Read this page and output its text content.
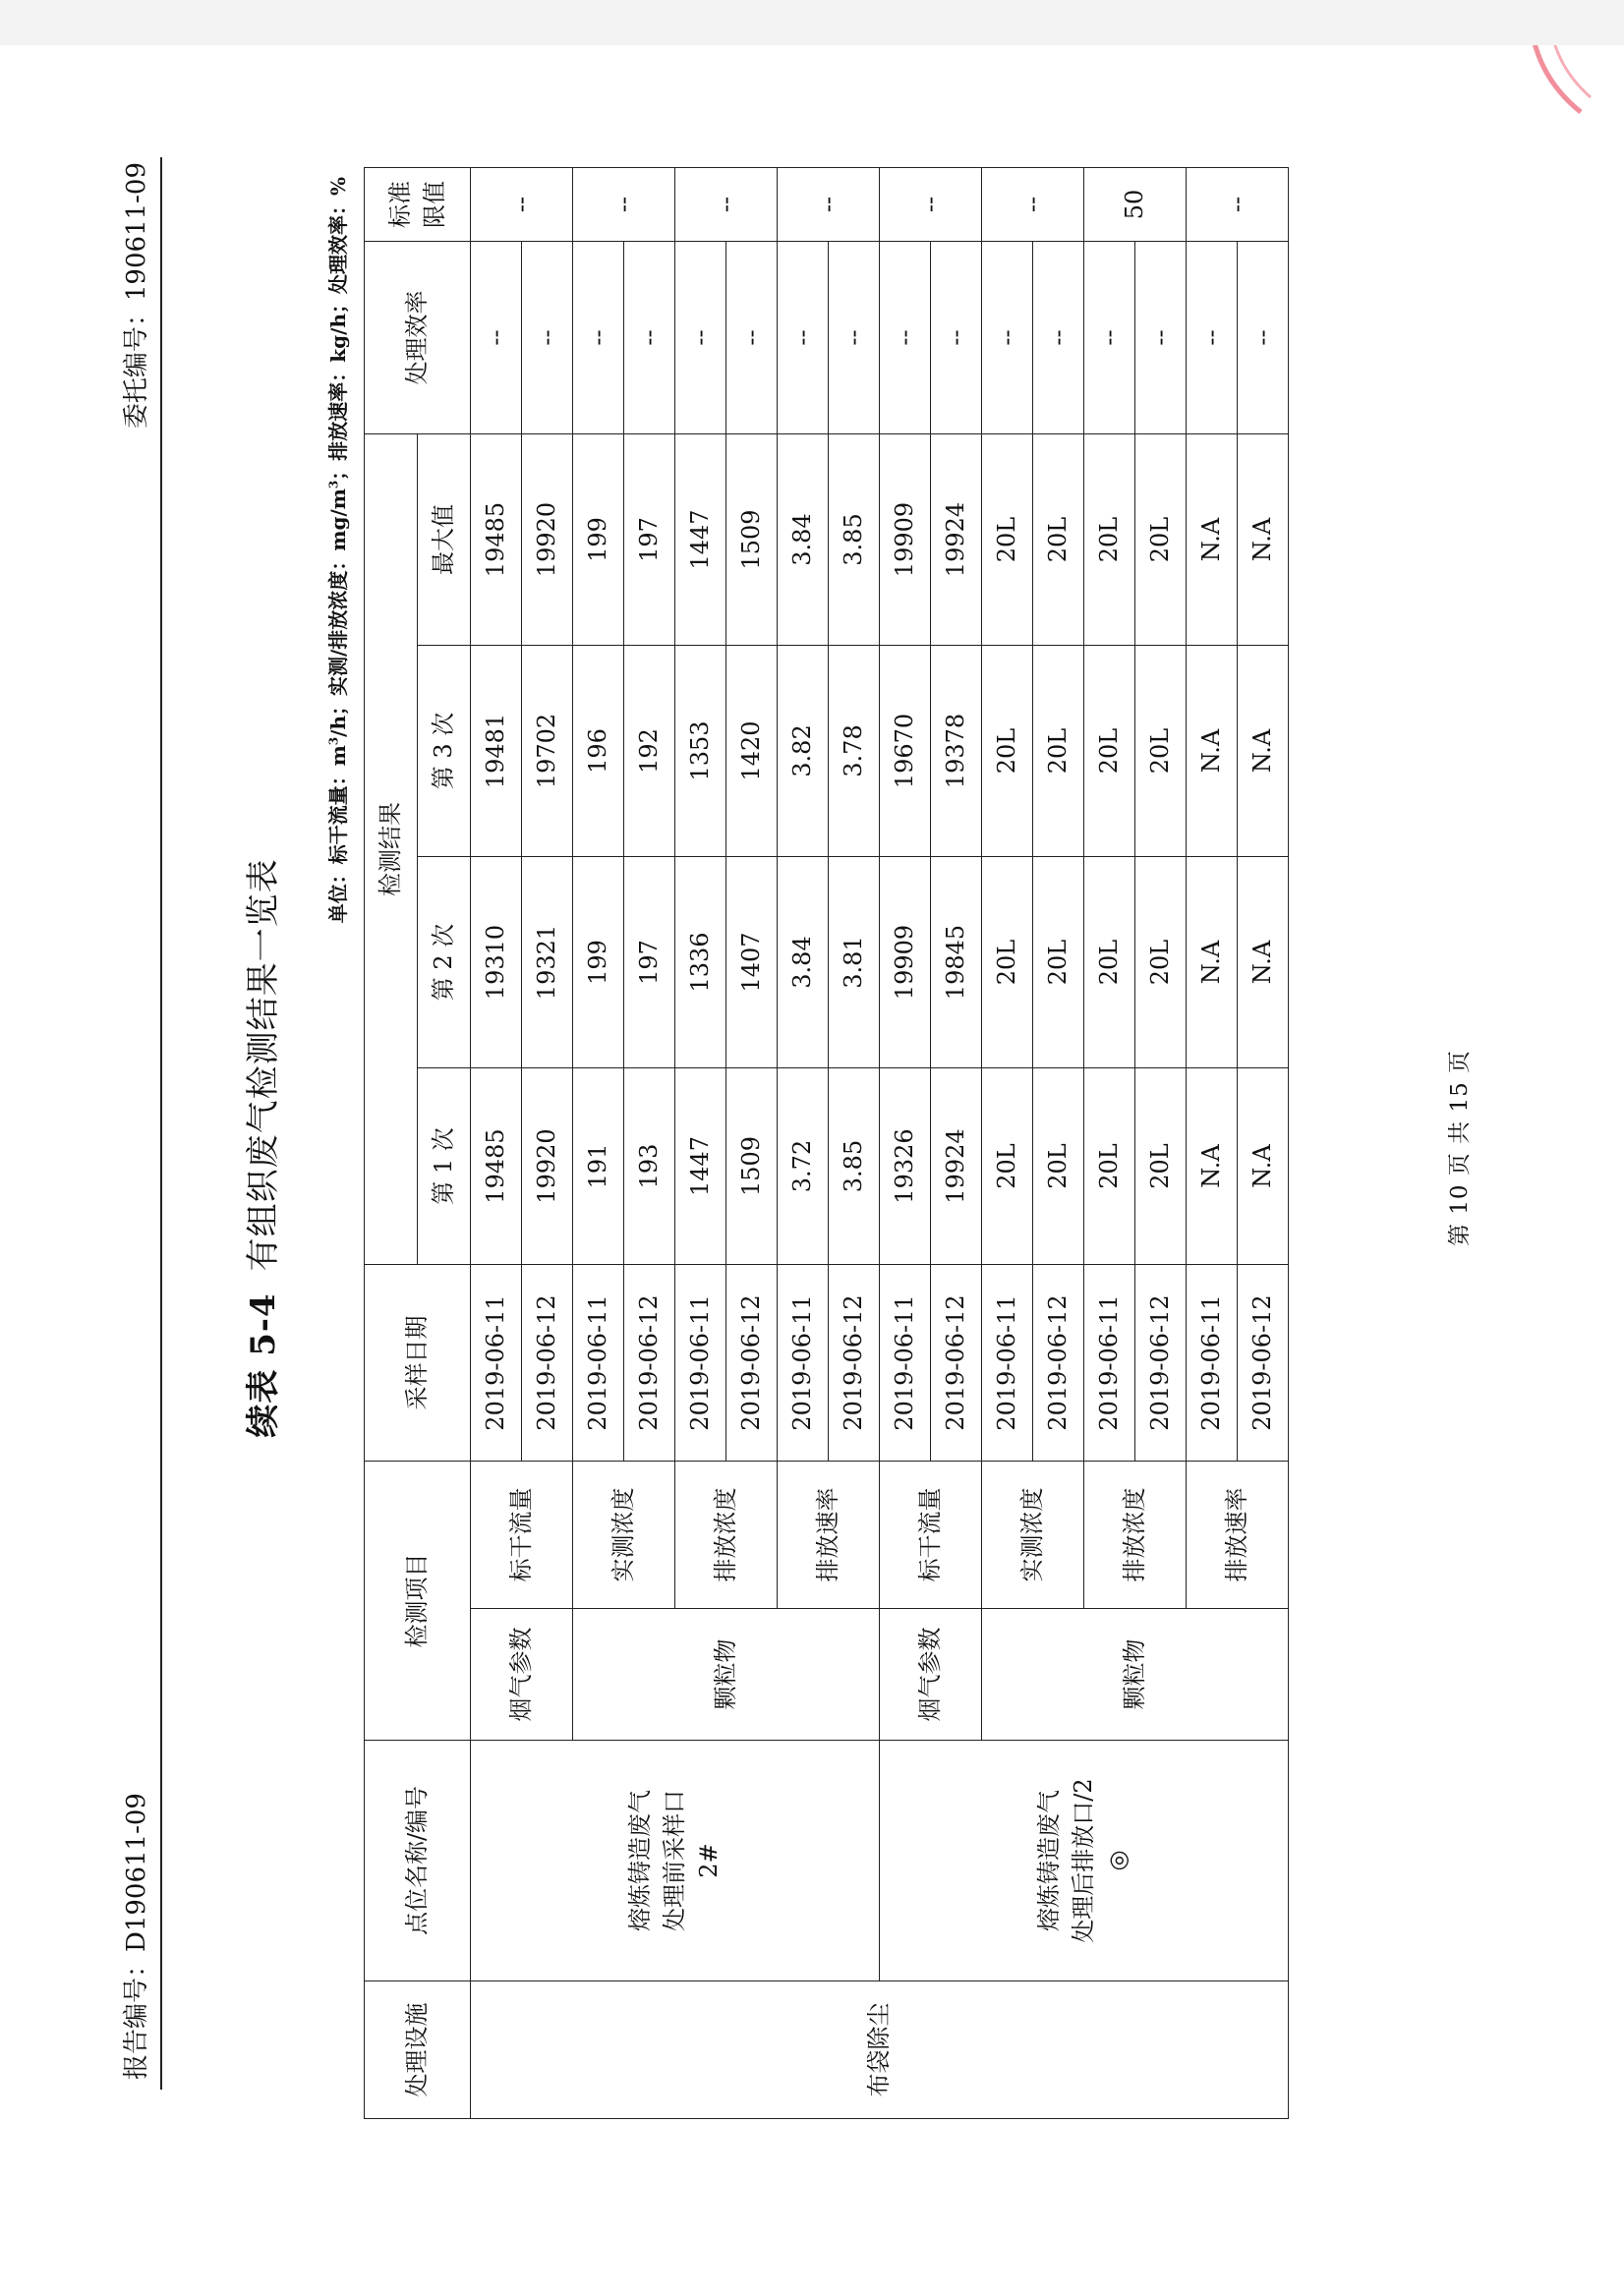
报告编号：D190611-09
委托编号：190611-09
续表 5-4有组织废气检测结果一览表
单位：标干流量：$m^3/h$；实测/排放浓度：$mg/m^3$；排放速率：kg/h；处理效率：%
处理设施	点位名称/编号	检测项目		采样日期	检测结果				处理效率	标准限值
					第 1 次	第 2 次	第 3 次	最大值		
布袋除尘	熔炼铸造废气 处理前采样口 2#	烟气参数	标干流量	2019-06-11	19485	19310	19481	19485	--	--
				2019-06-12	19920	19321	19702	19920	--	
		颗粒物	实测浓度	2019-06-11	191	199	196	199	--	--
				2019-06-12	193	197	192	197	--	
			排放浓度	2019-06-11	1447	1336	1353	1447	--	--
				2019-06-12	1509	1407	1420	1509	--	
			排放速率	2019-06-11	3.72	3.84	3.82	3.84	--	--
				2019-06-12	3.85	3.81	3.78	3.85	--	

	熔炼铸造废气 处理后排放口/2 ◎	烟气参数	标干流量	2019-06-11	19326	19909	19670	19909	--	--
				2019-06-12	19924	19845	19378	19924	--	
		颗粒物	实测浓度	2019-06-11	20L	20L	20L	20L	--	--
				2019-06-12	20L	20L	20L	20L	--	
			排放浓度	2019-06-11	20L	20L	20L	20L	--	50
				2019-06-12	20L	20L	20L	20L	--	
			排放速率	2019-06-11	N.A	N.A	N.A	N.A	--	--
				2019-06-12	N.A	N.A	N.A	N.A	--	
第 10 页 共 15 页
